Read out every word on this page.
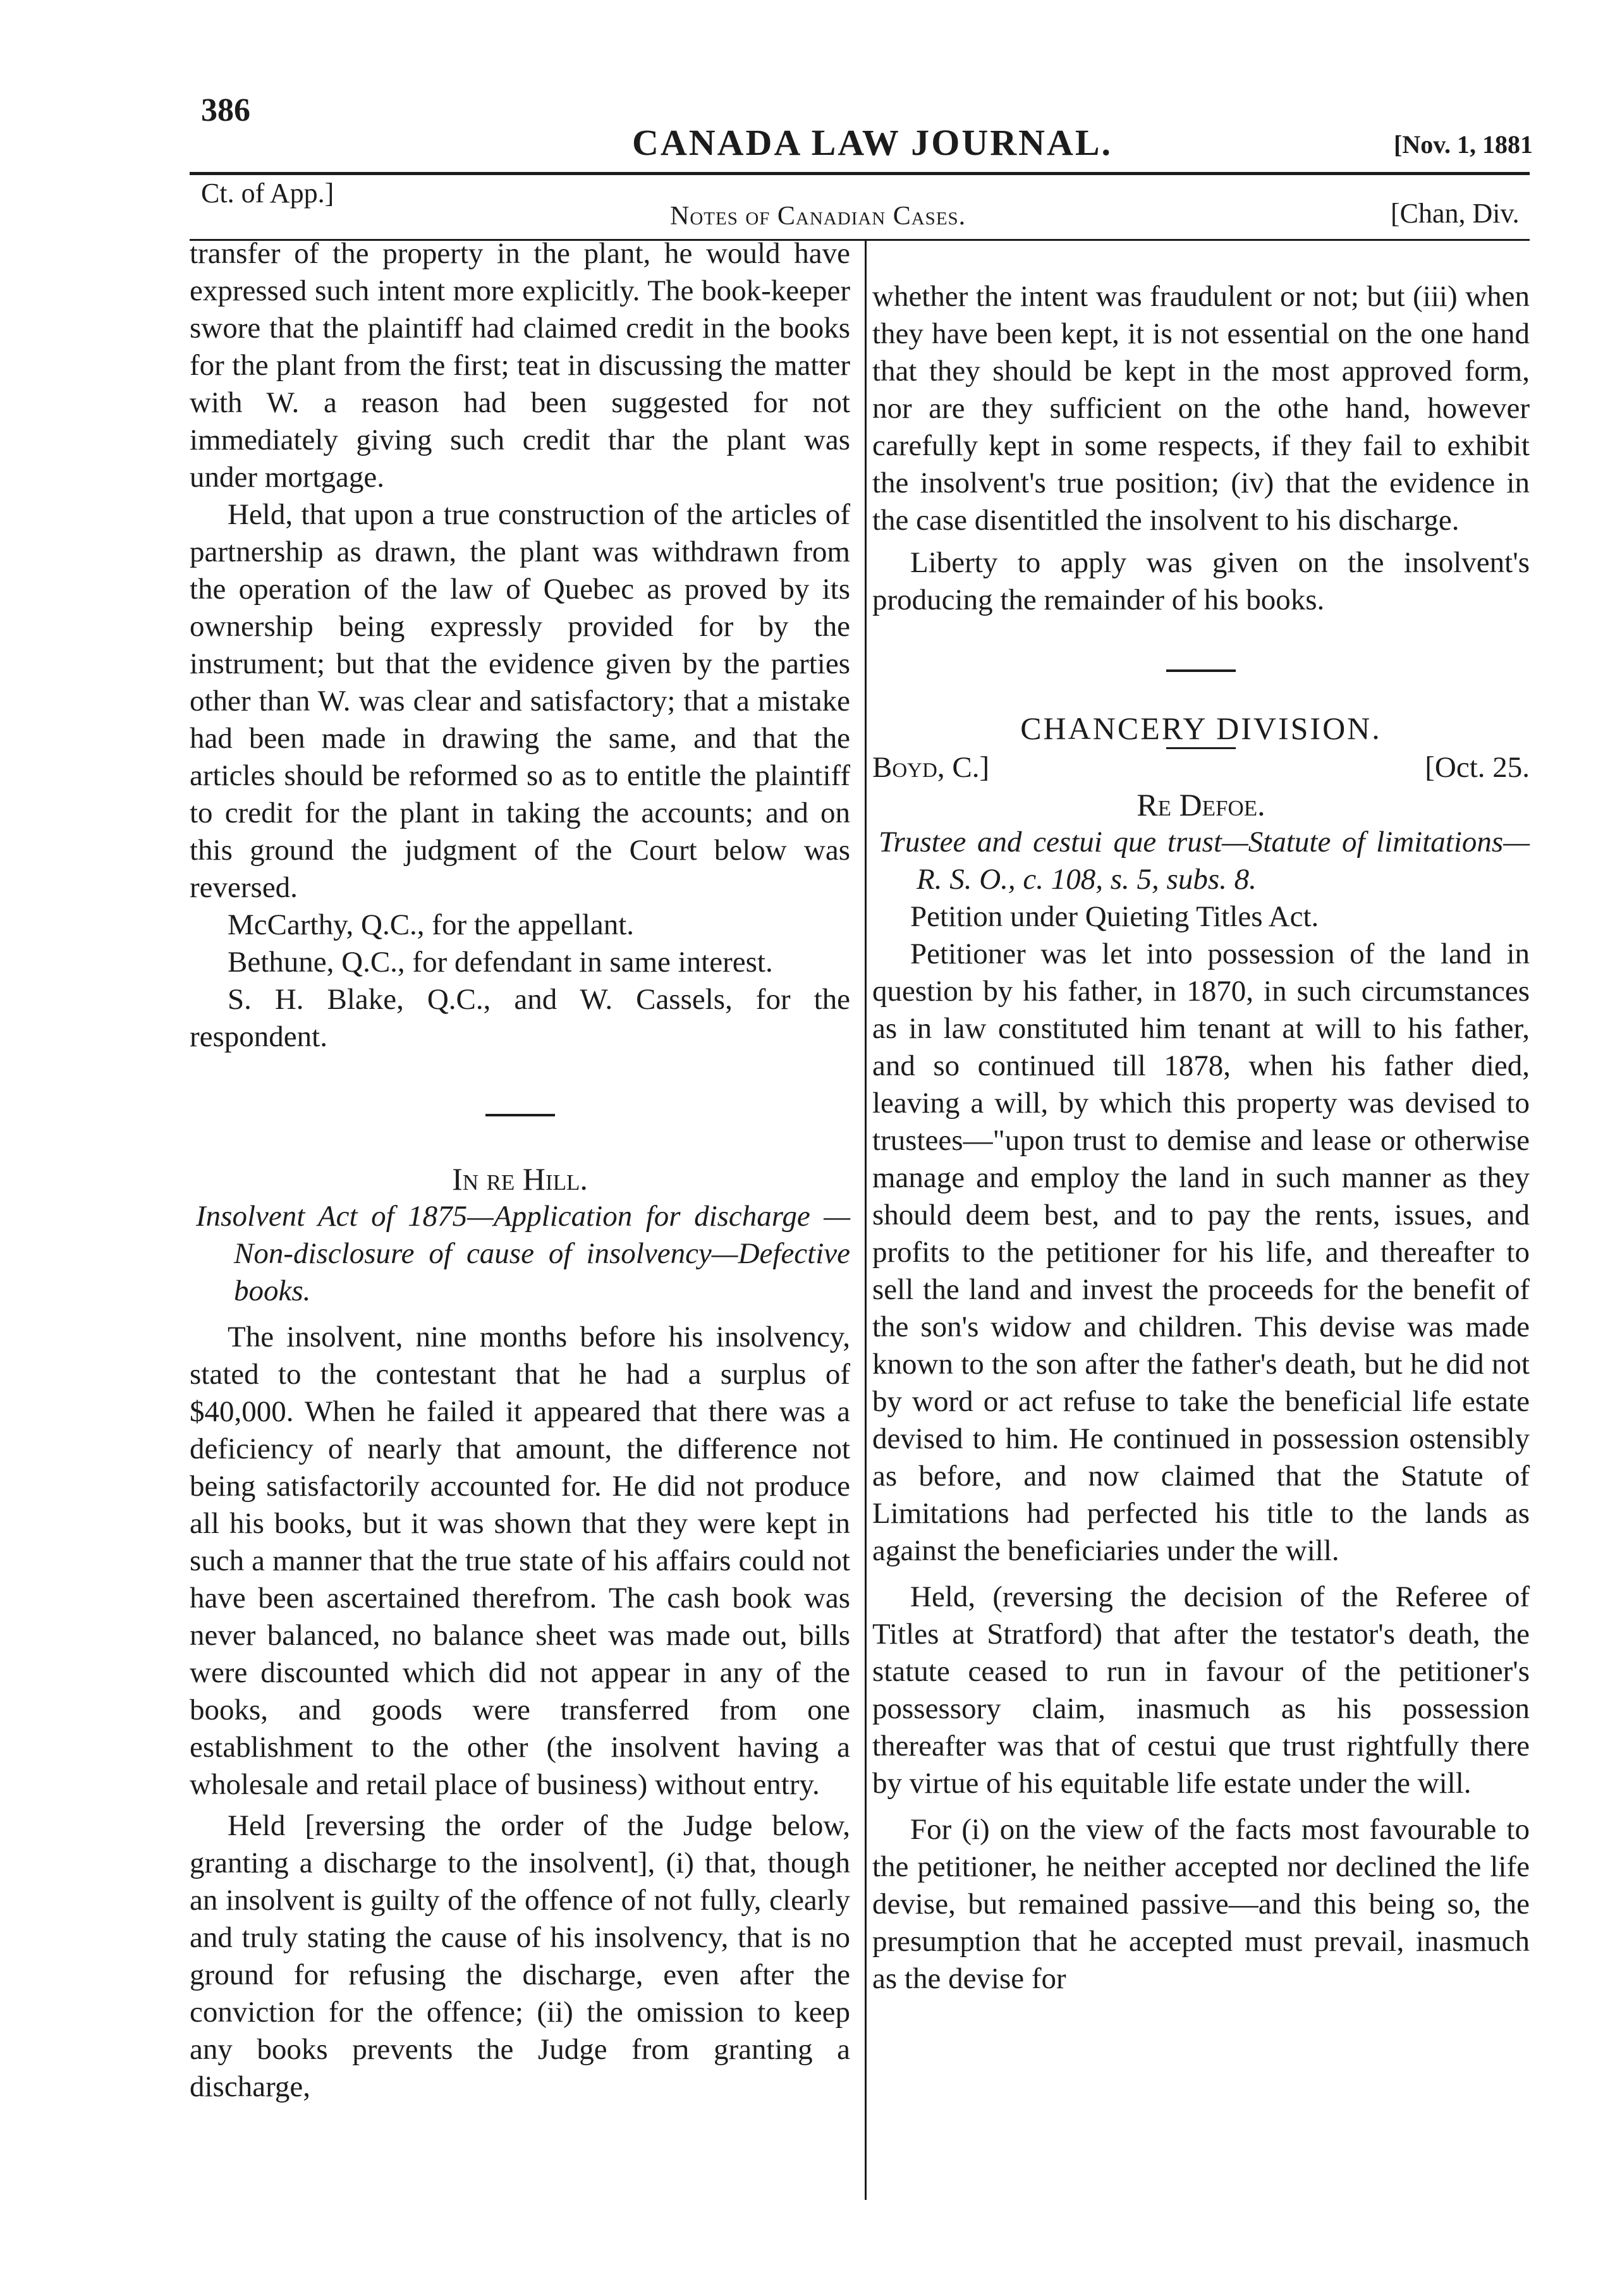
386
CANADA LAW JOURNAL.	[Nov. 1, 1881
Ct. of App.]
Notes of Canadian Cases.	[Chan, Div.

transfer of the property in the plant, he would have expressed such intent more explicitly. The book-keeper swore that the plaintiff had claimed credit in the books for the plant from the first; teat in discussing the matter with W. a reason had been suggested for not immediately giving such credit thar the plant was under mortgage.

Held, that upon a true construction of the articles of partnership as drawn, the plant was withdrawn from the operation of the law of Quebec as proved by its ownership being expressly provided for by the instrument; but that the evidence given by the parties other than W. was clear and satisfactory; that a mistake had been made in drawing the same, and that the articles should be reformed so as to entitle the plaintiff to credit for the plant in taking the accounts; and on this ground the judgment of the Court below was reversed.

McCarthy, Q.C., for the appellant.

Bethune, Q.C., for defendant in same interest.

S. H. Blake, Q.C., and W. Cassels, for the respondent.

In re Hill.

Insolvent Act of 1875—Application for discharge —Non-disclosure of cause of insolvency—Defective books.

The insolvent, nine months before his insolvency, stated to the contestant that he had a surplus of $40,000. When he failed it appeared that there was a deficiency of nearly that amount, the difference not being satisfactorily accounted for. He did not produce all his books, but it was shown that they were kept in such a manner that the true state of his affairs could not have been ascertained therefrom. The cash book was never balanced, no balance sheet was made out, bills were discounted which did not appear in any of the books, and goods were transferred from one establishment to the other (the insolvent having a wholesale and retail place of business) without entry.

Held [reversing the order of the Judge below, granting a discharge to the insolvent], (i) that, though an insolvent is guilty of the offence of not fully, clearly and truly stating the cause of his insolvency, that is no ground for refusing the discharge, even after the conviction for the offence; (ii) the omission to keep any books prevents the Judge from granting a discharge,

whether the intent was fraudulent or not; but (iii) when they have been kept, it is not essential on the one hand that they should be kept in the most approved form, nor are they sufficient on the othe hand, however carefully kept in some respects, if they fail to exhibit the insolvent's true position; (iv) that the evidence in the case disentitled the insolvent to his discharge.

Liberty to apply was given on the insolvent's producing the remainder of his books.

CHANCERY DIVISION.

Boyd, C.]	[Oct. 25.

Re Defoe.

Trustee and cestui que trust—Statute of limitations—R. S. O., c. 108, s. 5, subs. 8.

Petition under Quieting Titles Act.

Petitioner was let into possession of the land in question by his father, in 1870, in such circumstances as in law constituted him tenant at will to his father, and so continued till 1878, when his father died, leaving a will, by which this property was devised to trustees—"upon trust to demise and lease or otherwise manage and employ the land in such manner as they should deem best, and to pay the rents, issues, and profits to the petitioner for his life, and thereafter to sell the land and invest the proceeds for the benefit of the son's widow and children. This devise was made known to the son after the father's death, but he did not by word or act refuse to take the beneficial life estate devised to him. He continued in possession ostensibly as before, and now claimed that the Statute of Limitations had perfected his title to the lands as against the beneficiaries under the will.

Held, (reversing the decision of the Referee of Titles at Stratford) that after the testator's death, the statute ceased to run in favour of the petitioner's possessory claim, inasmuch as his possession thereafter was that of cestui que trust rightfully there by virtue of his equitable life estate under the will.

For (i) on the view of the facts most favourable to the petitioner, he neither accepted nor declined the life devise, but remained passive—and this being so, the presumption that he accepted must prevail, inasmuch as the devise for
